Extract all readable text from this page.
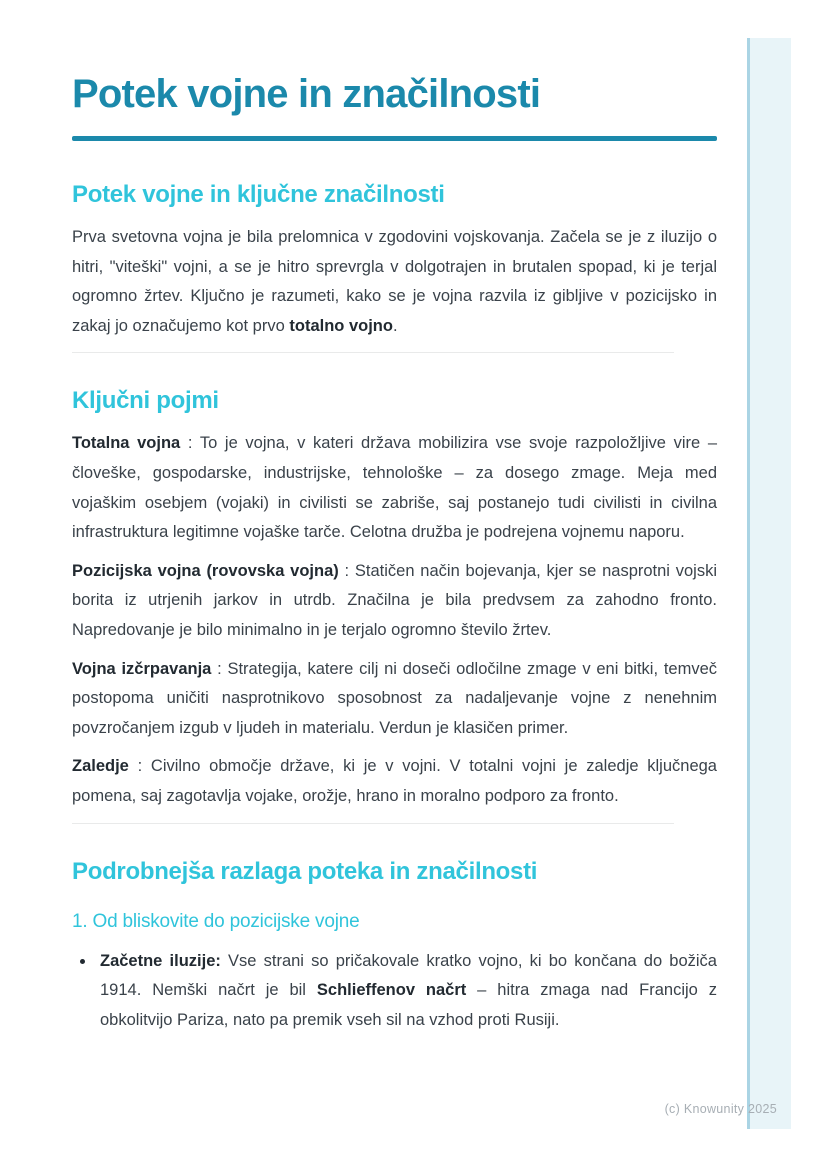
Potek vojne in značilnosti
Potek vojne in ključne značilnosti

Prva svetovna vojna je bila prelomnica v zgodovini vojskovanja. Začela se je z iluzijo o hitri, "viteški" vojni, a se je hitro sprevrgla v dolgotrajen in brutalen spopad, ki je terjal ogromno žrtev. Ključno je razumeti, kako se je vojna razvila iz gibljive v pozicijsko in zakaj jo označujemo kot prvo totalno vojno.

Ključni pojmi

Totalna vojna : To je vojna, v kateri država mobilizira vse svoje razpoložljive vire – človeške, gospodarske, industrijske, tehnološke – za dosego zmage. Meja med vojaškim osebjem (vojaki) in civilisti se zabriše, saj postanejo tudi civilisti in civilna infrastruktura legitimne vojaške tarče. Celotna družba je podrejena vojnemu naporu.

Pozicijska vojna (rovovska vojna) : Statičen način bojevanja, kjer se nasprotni vojski borita iz utrjenih jarkov in utrdb. Značilna je bila predvsem za zahodno fronto. Napredovanje je bilo minimalno in je terjalo ogromno število žrtev.

Vojna izčrpavanja : Strategija, katere cilj ni doseči odločilne zmage v eni bitki, temveč postopoma uničiti nasprotnikovo sposobnost za nadaljevanje vojne z nenehnim povzročanjem izgub v ljudeh in materialu. Verdun je klasičen primer.

Zaledje : Civilno območje države, ki je v vojni. V totalni vojni je zaledje ključnega pomena, saj zagotavlja vojake, orožje, hrano in moralno podporo za fronto.

Podrobnejša razlaga poteka in značilnosti
1. Od bliskovite do pozicijske vojne
Začetne iluzije: Vse strani so pričakovale kratko vojno, ki bo končana do božiča 1914. Nemški načrt je bil Schlieffenov načrt – hitra zmaga nad Francijo z obkolitvijo Pariza, nato pa premik vseh sil na vzhod proti Rusiji.
(c) Knowunity 2025
